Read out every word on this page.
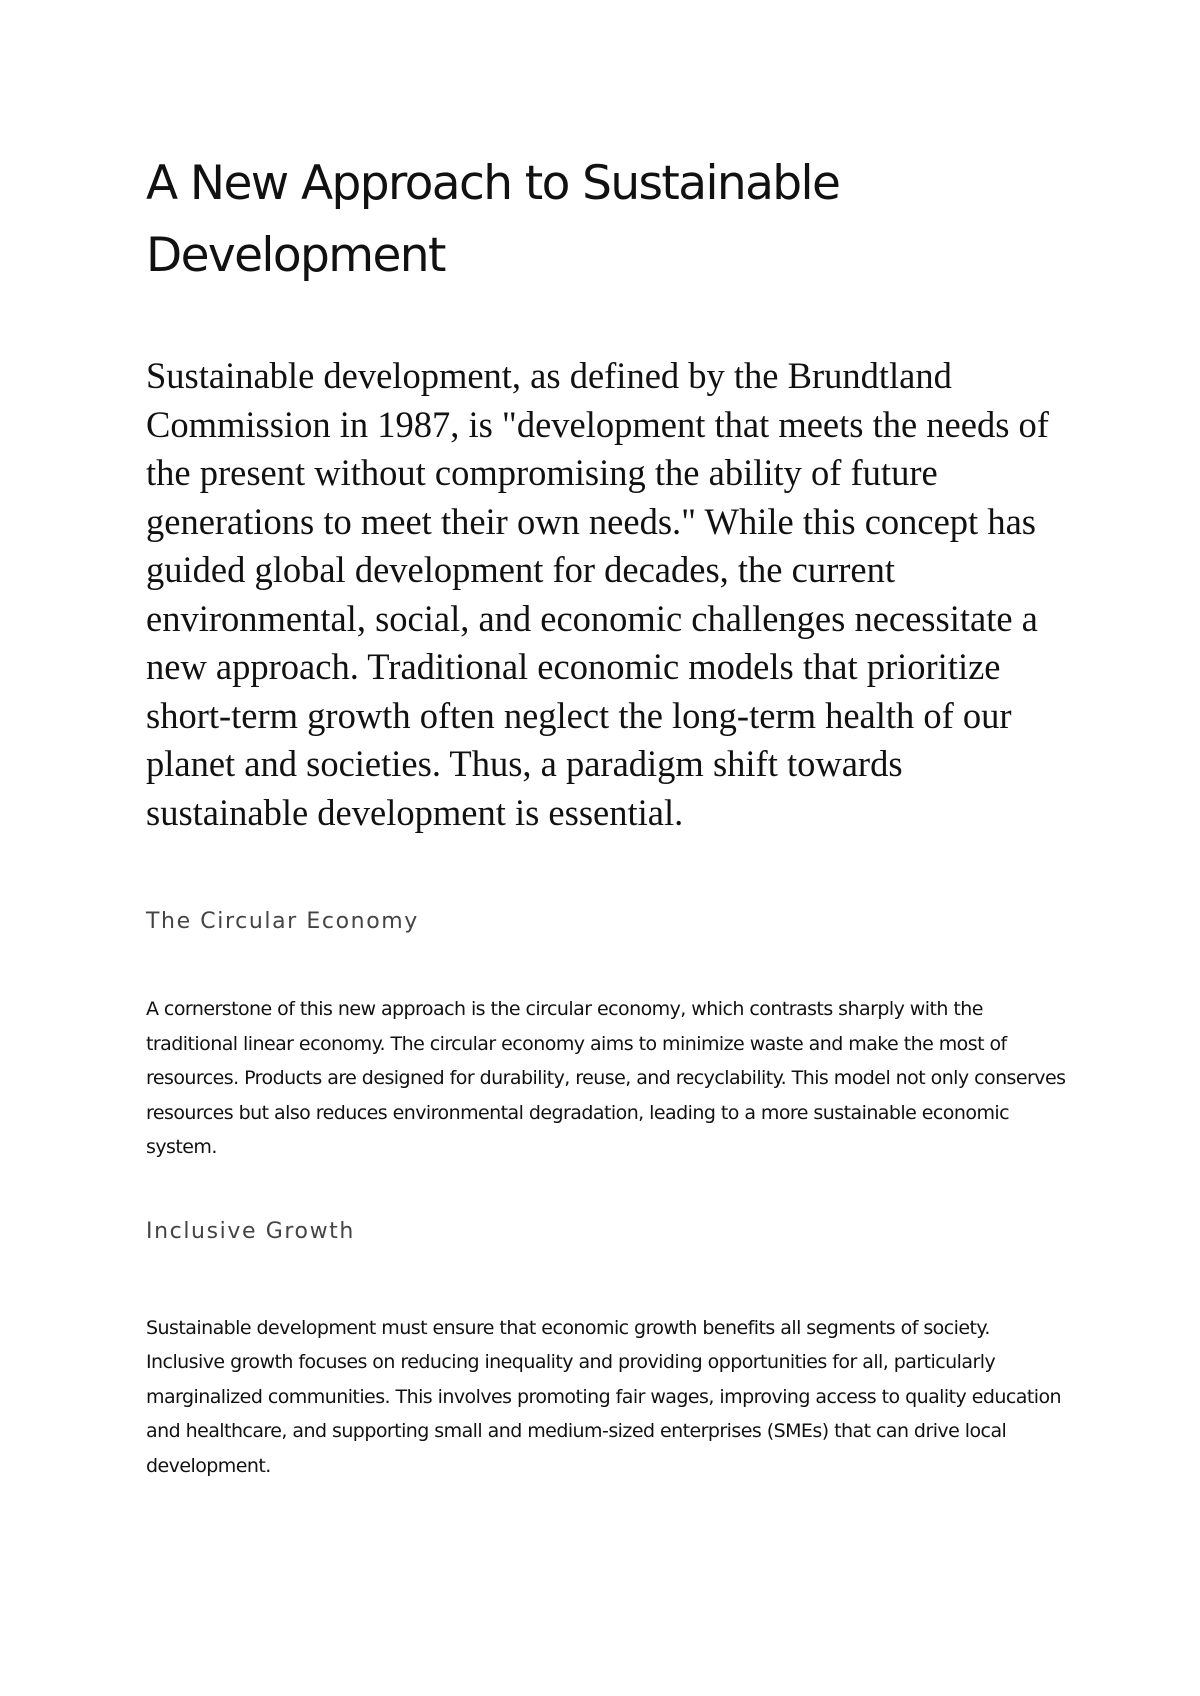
A New Approach to Sustainable Development

Sustainable development, as defined by the Brundtland Commission in 1987, is "development that meets the needs of the present without compromising the ability of future generations to meet their own needs." While this concept has guided global development for decades, the current environmental, social, and economic challenges necessitate a new approach. Traditional economic models that prioritize short-term growth often neglect the long-term health of our planet and societies. Thus, a paradigm shift towards sustainable development is essential.

The Circular Economy

A cornerstone of this new approach is the circular economy, which contrasts sharply with the traditional linear economy. The circular economy aims to minimize waste and make the most of resources. Products are designed for durability, reuse, and recyclability. This model not only conserves resources but also reduces environmental degradation, leading to a more sustainable economic system.

Inclusive Growth

Sustainable development must ensure that economic growth benefits all segments of society. Inclusive growth focuses on reducing inequality and providing opportunities for all, particularly marginalized communities. This involves promoting fair wages, improving access to quality education and healthcare, and supporting small and medium-sized enterprises (SMEs) that can drive local development.
